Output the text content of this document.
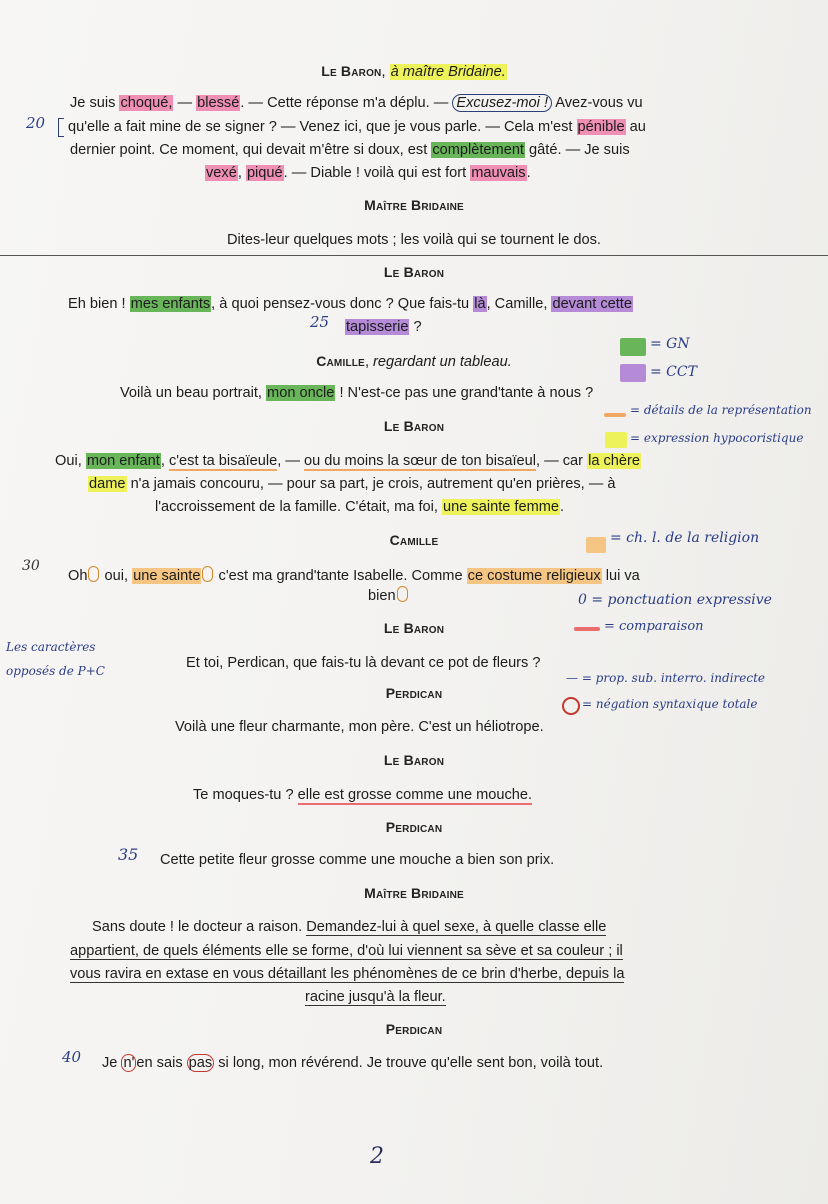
Le Baron, à maître Bridaine.
Je suis choqué, — blessé. — Cette réponse m'a déplu. — Excusez-moi ! Avez-vous vu
qu'elle a fait mine de se signer ? — Venez ici, que je vous parle. — Cela m'est pénible au
dernier point. Ce moment, qui devait m'être si doux, est complètement gâté. — Je suis
vexé, piqué. — Diable ! voilà qui est fort mauvais.
Maître Bridaine
Dites-leur quelques mots ; les voilà qui se tournent le dos.
Le Baron
Eh bien ! mes enfants, à quoi pensez-vous donc ? Que fais-tu là, Camille, devant cette
tapisserie ?
Camille, regardant un tableau.
Voilà un beau portrait, mon oncle ! N'est-ce pas une grand'tante à nous ?
Le Baron
Oui, mon enfant, c'est ta bisaïeule, — ou du moins la sœur de ton bisaïeul, — car la chère
dame n'a jamais concouru, — pour sa part, je crois, autrement qu'en prières, — à
l'accroissement de la famille. C'était, ma foi, une sainte femme.
Camille
Oh oui, une sainte c'est ma grand'tante Isabelle. Comme ce costume religieux lui va
bien
Le Baron
Et toi, Perdican, que fais-tu là devant ce pot de fleurs ?
Perdican
Voilà une fleur charmante, mon père. C'est un héliotrope.
Le Baron
Te moques-tu ? elle est grosse comme une mouche.
Perdican
Cette petite fleur grosse comme une mouche a bien son prix.
Maître Bridaine
Sans doute ! le docteur a raison. Demandez-lui à quel sexe, à quelle classe elle
appartient, de quels éléments elle se forme, d'où lui viennent sa sève et sa couleur ; il
vous ravira en extase en vous détaillant les phénomènes de ce brin d'herbe, depuis la
racine jusqu'à la fleur.
Perdican
Je n' en sais pas si long, mon révérend. Je trouve qu'elle sent bon, voilà tout.
20
25
30
35
40
= GN
= CCT
= détails de la représentation
= expression hypocoristique
= ch. l. de la religion
0 = ponctuation expressive
= comparaison
— = prop. sub. interro. indirecte
= négation syntaxique totale
Les caractères
opposés de P+C
2
